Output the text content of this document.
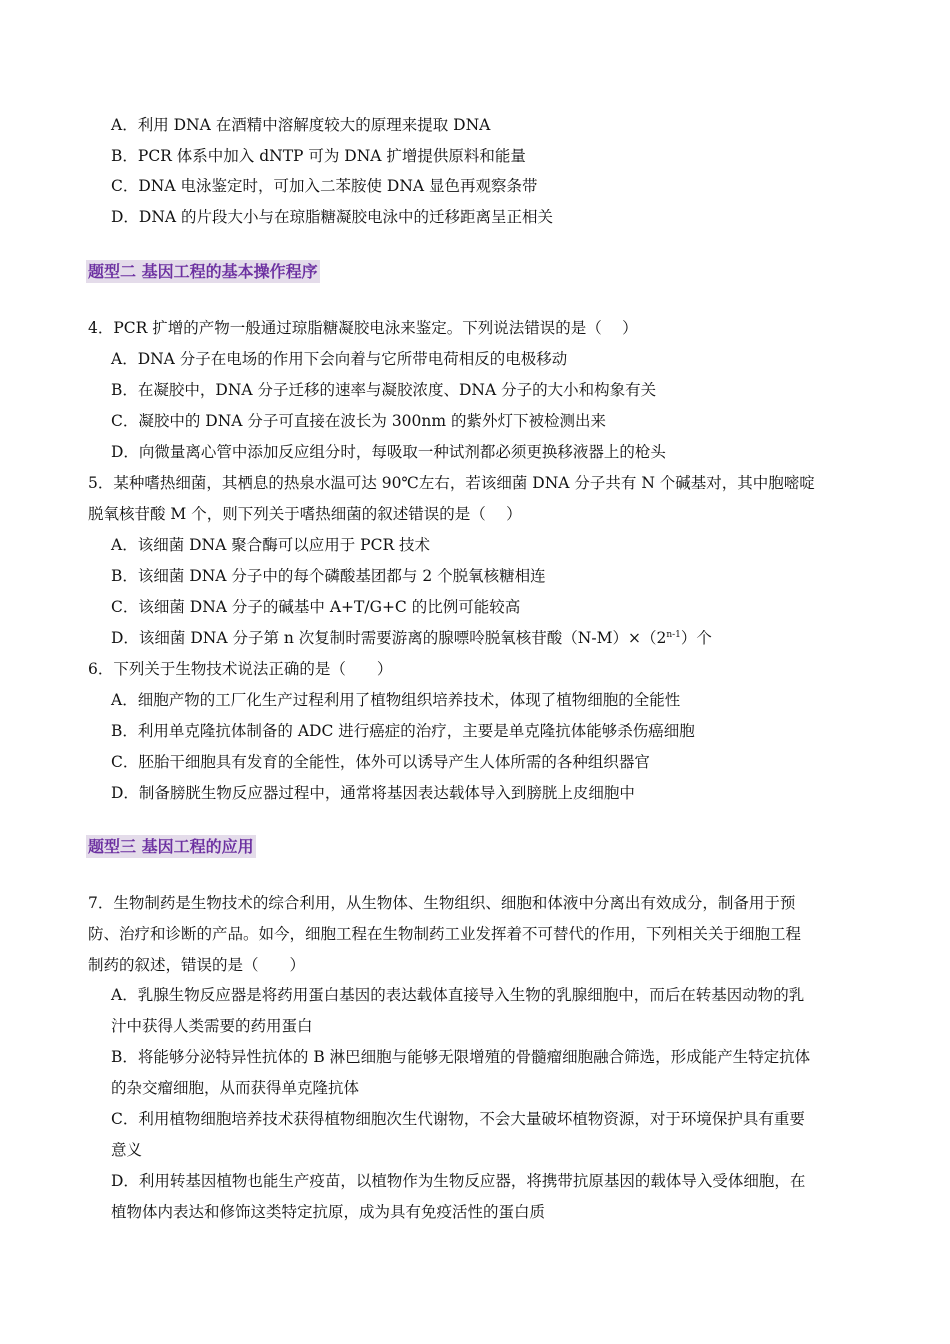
A．利用 DNA 在酒精中溶解度较大的原理来提取 DNA
B．PCR 体系中加入 dNTP 可为 DNA 扩增提供原料和能量
C．DNA 电泳鉴定时，可加入二苯胺使 DNA 显色再观察条带
D．DNA 的片段大小与在琼脂糖凝胶电泳中的迁移距离呈正相关
题型二 基因工程的基本操作程序
4．PCR 扩增的产物一般通过琼脂糖凝胶电泳来鉴定。下列说法错误的是（　 ）
A．DNA 分子在电场的作用下会向着与它所带电荷相反的电极移动
B．在凝胶中，DNA 分子迁移的速率与凝胶浓度、DNA 分子的大小和构象有关
C．凝胶中的 DNA 分子可直接在波长为 300nm 的紫外灯下被检测出来
D．向微量离心管中添加反应组分时，每吸取一种试剂都必须更换移液器上的枪头
5．某种嗜热细菌，其栖息的热泉水温可达 90℃左右，若该细菌 DNA 分子共有 N 个碱基对，其中胞嘧啶
脱氧核苷酸 M 个，则下列关于嗜热细菌的叙述错误的是（　 ）
A．该细菌 DNA 聚合酶可以应用于 PCR 技术
B．该细菌 DNA 分子中的每个磷酸基团都与 2 个脱氧核糖相连
C．该细菌 DNA 分子的碱基中 A+T/G+C 的比例可能较高
D．该细菌 DNA 分子第 n 次复制时需要游离的腺嘌呤脱氧核苷酸$(N-M)\times(2^{n-1})$个
6．下列关于生物技术说法正确的是（　　）
A．细胞产物的工厂化生产过程利用了植物组织培养技术，体现了植物细胞的全能性
B．利用单克隆抗体制备的 ADC 进行癌症的治疗，主要是单克隆抗体能够杀伤癌细胞
C．胚胎干细胞具有发育的全能性，体外可以诱导产生人体所需的各种组织器官
D．制备膀胱生物反应器过程中，通常将基因表达载体导入到膀胱上皮细胞中
题型三 基因工程的应用
7．生物制药是生物技术的综合利用，从生物体、生物组织、细胞和体液中分离出有效成分，制备用于预
防、治疗和诊断的产品。如今，细胞工程在生物制药工业发挥着不可替代的作用，下列相关关于细胞工程
制药的叙述，错误的是（　　）
A．乳腺生物反应器是将药用蛋白基因的表达载体直接导入生物的乳腺细胞中，而后在转基因动物的乳
汁中获得人类需要的药用蛋白
B．将能够分泌特异性抗体的 B 淋巴细胞与能够无限增殖的骨髓瘤细胞融合筛选，形成能产生特定抗体
的杂交瘤细胞，从而获得单克隆抗体
C．利用植物细胞培养技术获得植物细胞次生代谢物，不会大量破坏植物资源，对于环境保护具有重要
意义
D．利用转基因植物也能生产疫苗，以植物作为生物反应器，将携带抗原基因的载体导入受体细胞，在
植物体内表达和修饰这类特定抗原，成为具有免疫活性的蛋白质
